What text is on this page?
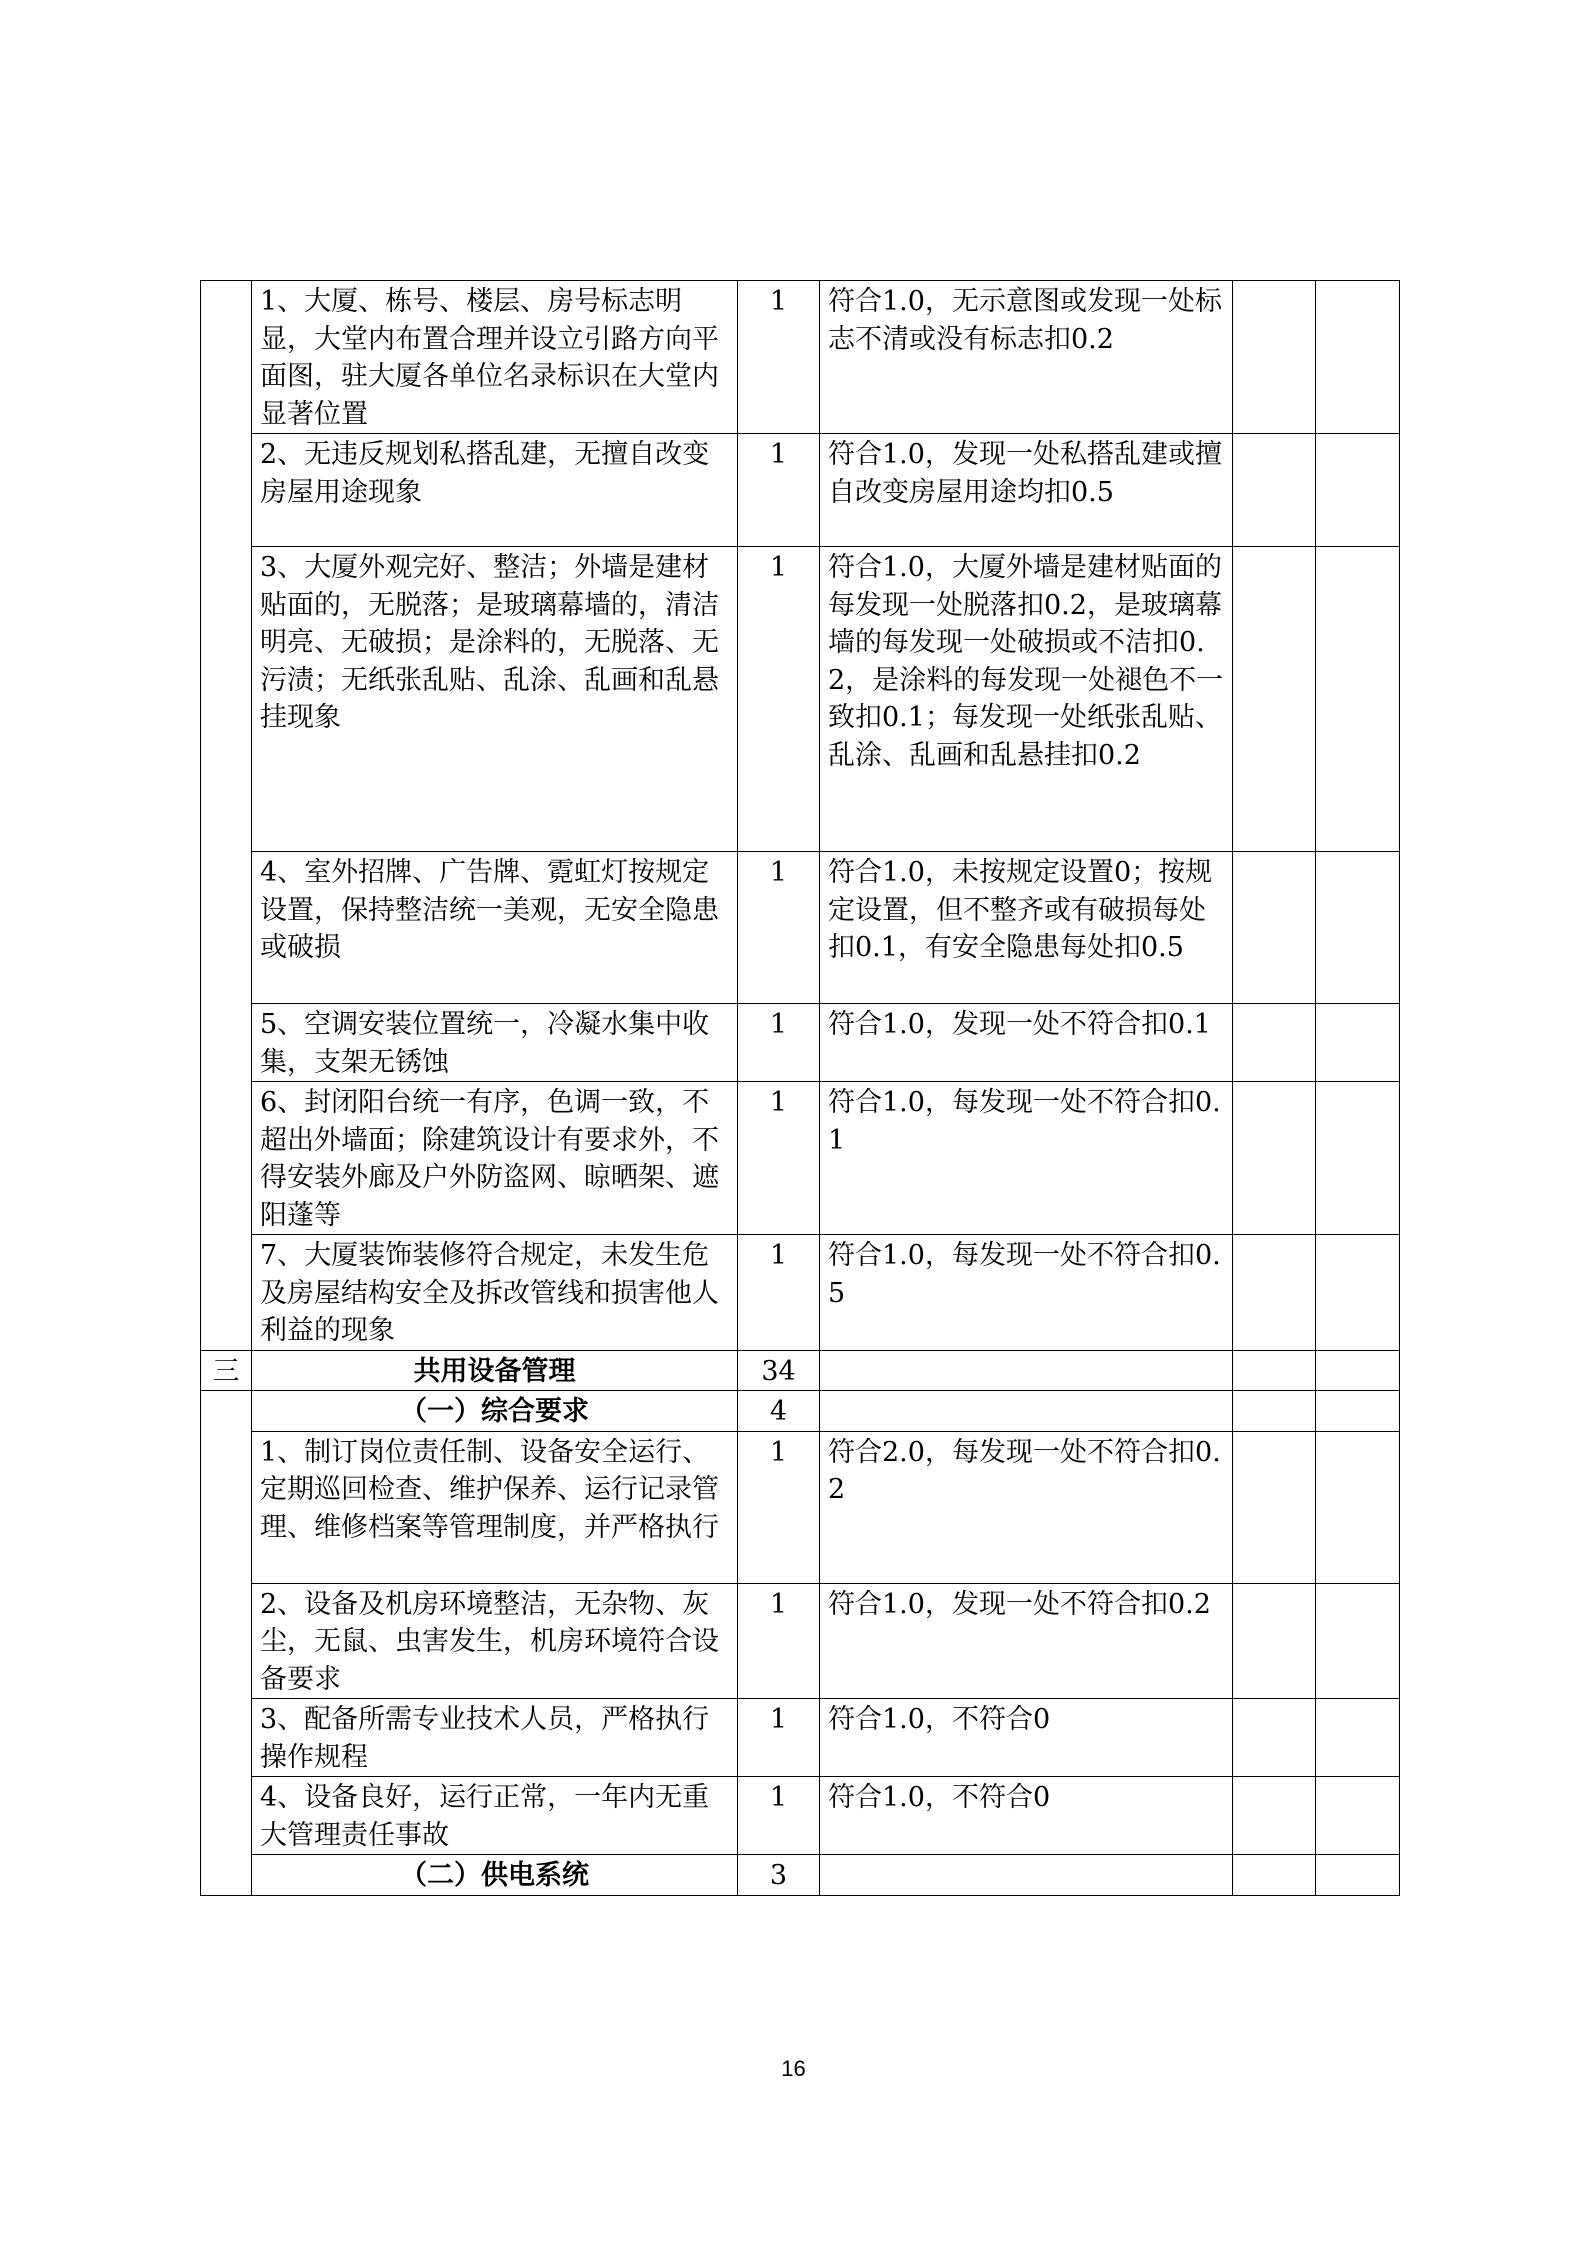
	1、大厦、栋号、楼层、房号标志明显，大堂内布置合理并设立引路方向平面图，驻大厦各单位名录标识在大堂内显著位置	1	符合1.0，无示意图或发现一处标志不清或没有标志扣0.2		
	2、无违反规划私搭乱建，无擅自改变房屋用途现象	1	符合1.0，发现一处私搭乱建或擅自改变房屋用途均扣0.5		
	3、大厦外观完好、整洁；外墙是建材贴面的，无脱落；是玻璃幕墙的，清洁明亮、无破损；是涂料的，无脱落、无污渍；无纸张乱贴、乱涂、乱画和乱悬挂现象	1	符合1.0，大厦外墙是建材贴面的每发现一处脱落扣0.2，是玻璃幕墙的每发现一处破损或不洁扣0.2，是涂料的每发现一处褪色不一致扣0.1；每发现一处纸张乱贴、乱涂、乱画和乱悬挂扣0.2		
	4、室外招牌、广告牌、霓虹灯按规定设置，保持整洁统一美观，无安全隐患或破损	1	符合1.0，未按规定设置0；按规定设置，但不整齐或有破损每处扣0.1，有安全隐患每处扣0.5		
	5、空调安装位置统一，冷凝水集中收集，支架无锈蚀	1	符合1.0，发现一处不符合扣0.1		
	6、封闭阳台统一有序，色调一致，不超出外墙面；除建筑设计有要求外，不得安装外廊及户外防盗网、晾晒架、遮阳蓬等	1	符合1.0，每发现一处不符合扣0.1		
	7、大厦装饰装修符合规定，未发生危及房屋结构安全及拆改管线和损害他人利益的现象	1	符合1.0，每发现一处不符合扣0.5		
三	共用设备管理	34			
	（一）综合要求	4			
	1、制订岗位责任制、设备安全运行、定期巡回检查、维护保养、运行记录管理、维修档案等管理制度，并严格执行	1	符合2.0，每发现一处不符合扣0.2		
	2、设备及机房环境整洁，无杂物、灰尘，无鼠、虫害发生，机房环境符合设备要求	1	符合1.0，发现一处不符合扣0.2		
	3、配备所需专业技术人员，严格执行操作规程	1	符合1.0，不符合0		
	4、设备良好，运行正常，一年内无重大管理责任事故	1	符合1.0，不符合0		
	（二）供电系统	3			
16
